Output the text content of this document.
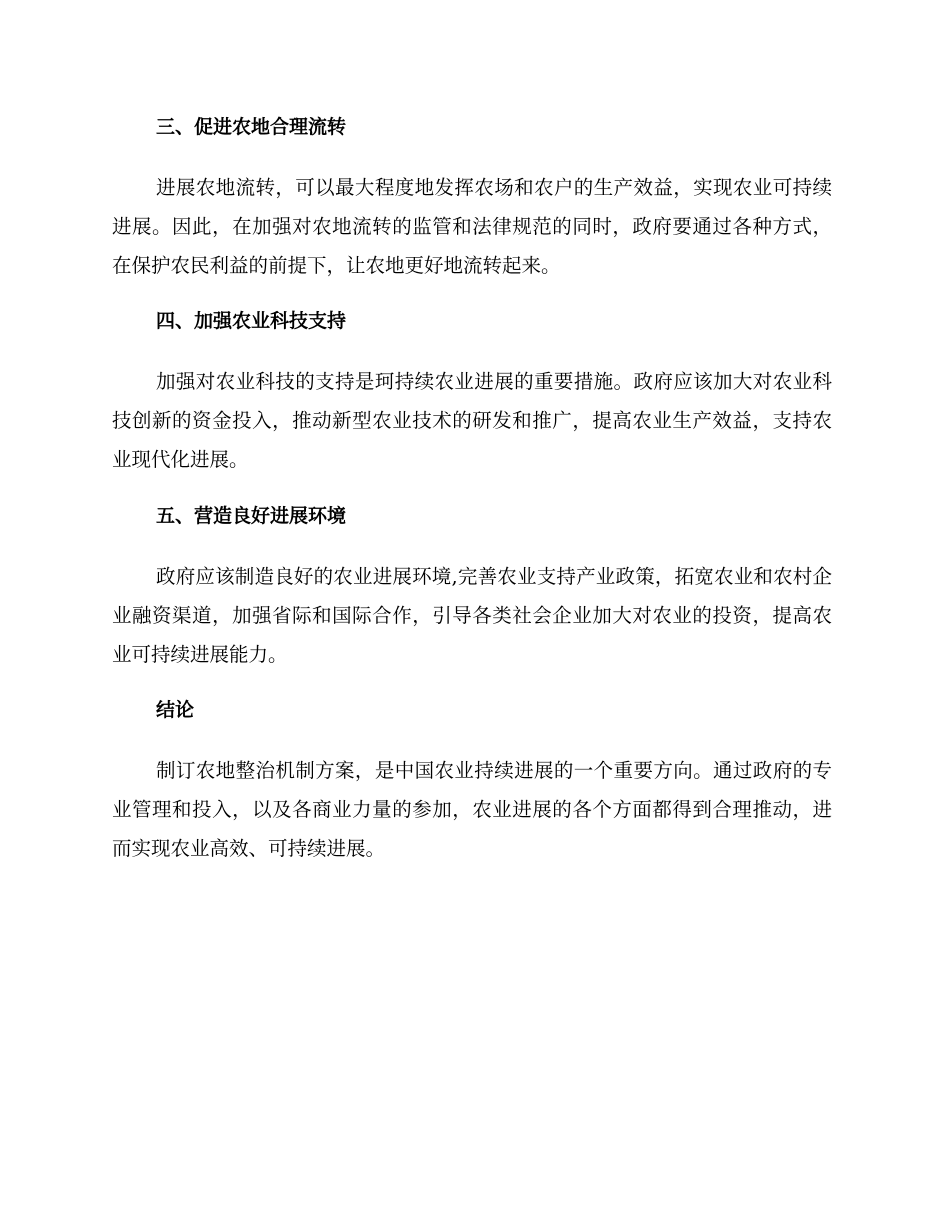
三、促进农地合理流转

进展农地流转，可以最大程度地发挥农场和农户的生产效益，实现农业可持续进展。因此，在加强对农地流转的监管和法律规范的同时，政府要通过各种方式，在保护农民利益的前提下，让农地更好地流转起来。

四、加强农业科技支持

加强对农业科技的支持是珂持续农业进展的重要措施。政府应该加大对农业科技创新的资金投入，推动新型农业技术的研发和推广，提高农业生产效益，支持农业现代化进展。

五、营造良好进展环境

政府应该制造良好的农业进展环境,完善农业支持产业政策，拓宽农业和农村企业融资渠道，加强省际和国际合作，引导各类社会企业加大对农业的投资，提高农业可持续进展能力。

结论

制订农地整治机制方案，是中国农业持续进展的一个重要方向。通过政府的专业管理和投入，以及各商业力量的参加，农业进展的各个方面都得到合理推动，进而实现农业高效、可持续进展。
